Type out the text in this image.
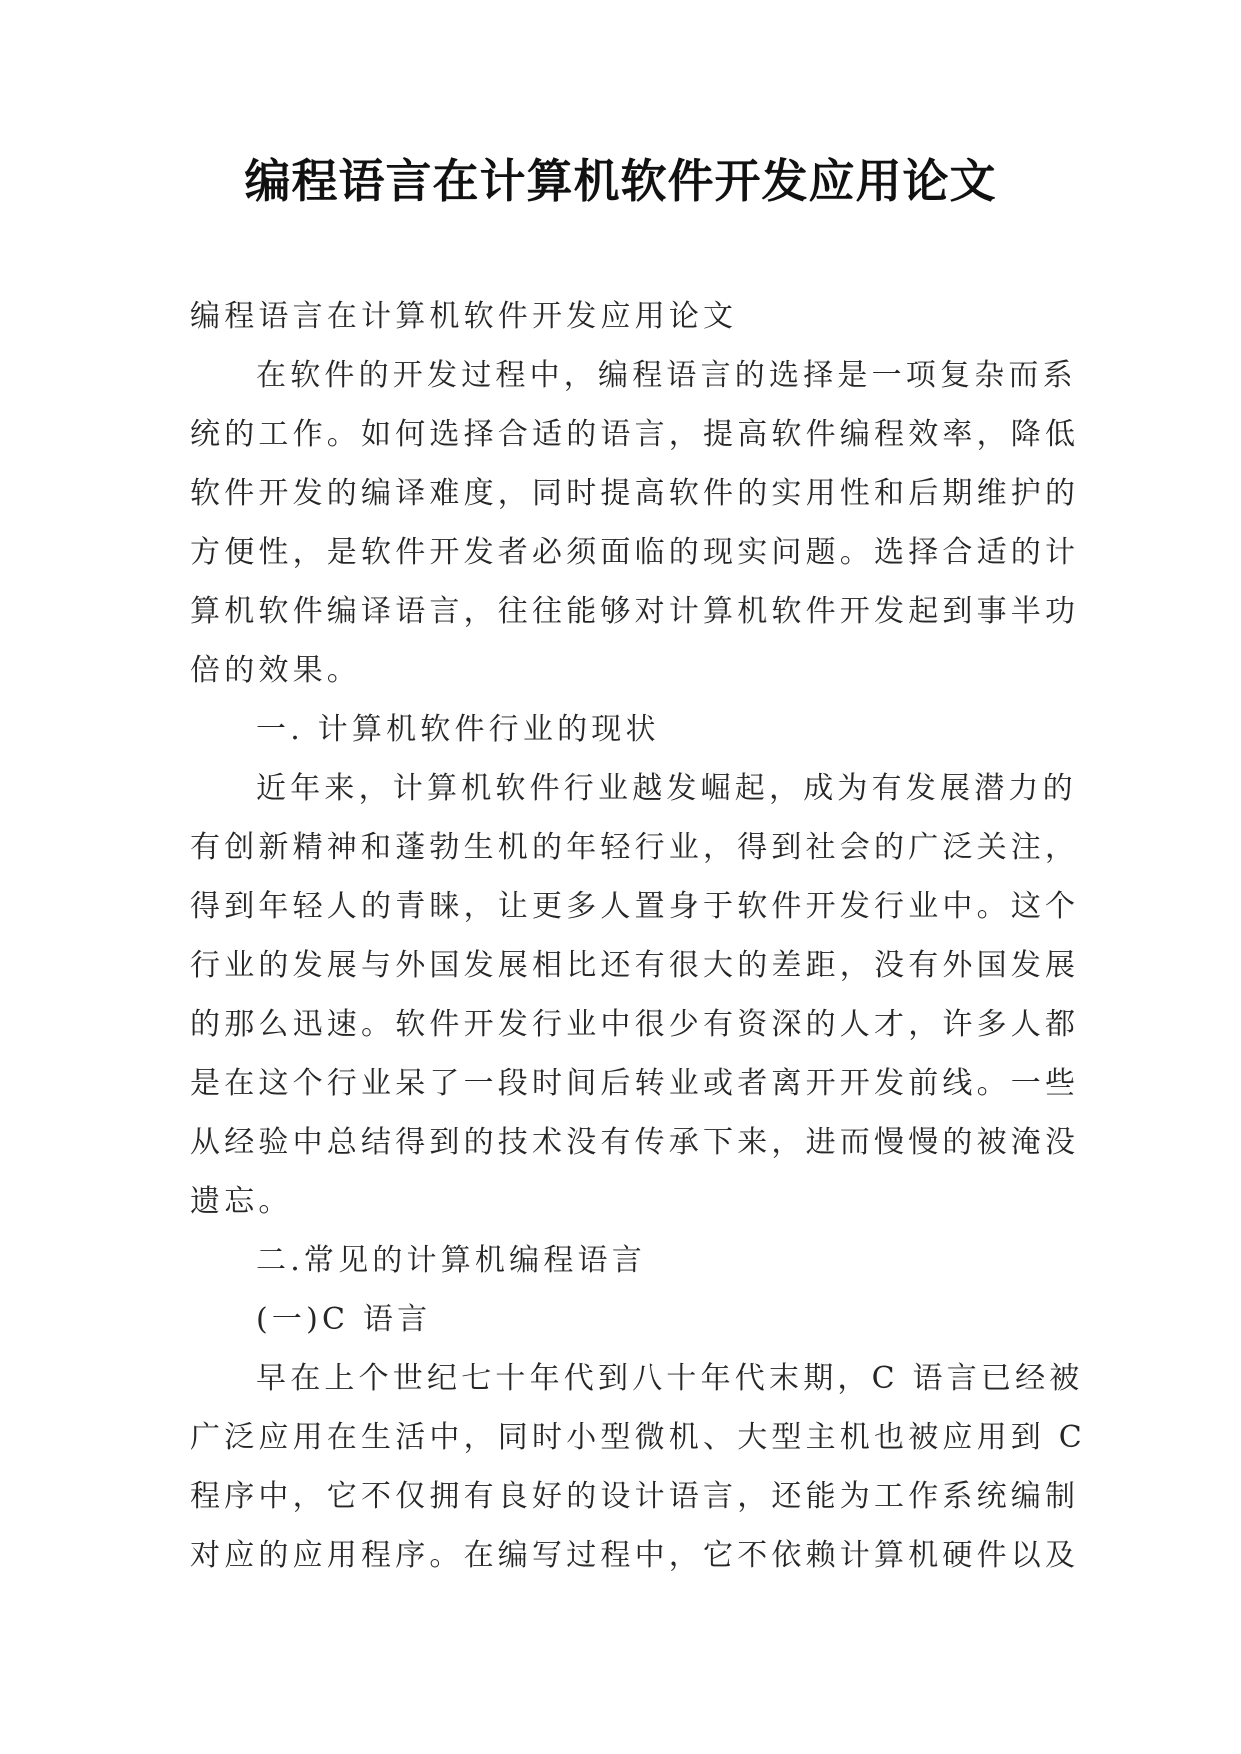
编程语言在计算机软件开发应用论文
编程语言在计算机软件开发应用论文
在软件的开发过程中，编程语言的选择是一项复杂而系
统的工作。如何选择合适的语言，提高软件编程效率，降低
软件开发的编译难度，同时提高软件的实用性和后期维护的
方便性，是软件开发者必须面临的现实问题。选择合适的计
算机软件编译语言，往往能够对计算机软件开发起到事半功
倍的效果。
一. 计算机软件行业的现状
近年来，计算机软件行业越发崛起，成为有发展潜力的
有创新精神和蓬勃生机的年轻行业，得到社会的广泛关注，
得到年轻人的青睐，让更多人置身于软件开发行业中。这个
行业的发展与外国发展相比还有很大的差距，没有外国发展
的那么迅速。软件开发行业中很少有资深的人才，许多人都
是在这个行业呆了一段时间后转业或者离开开发前线。一些
从经验中总结得到的技术没有传承下来，进而慢慢的被淹没
遗忘。
二.常见的计算机编程语言
(一)C 语言
早在上个世纪七十年代到八十年代末期，C 语言已经被
广泛应用在生活中，同时小型微机、大型主机也被应用到 C
程序中，它不仅拥有良好的设计语言，还能为工作系统编制
对应的应用程序。在编写过程中，它不依赖计算机硬件以及
